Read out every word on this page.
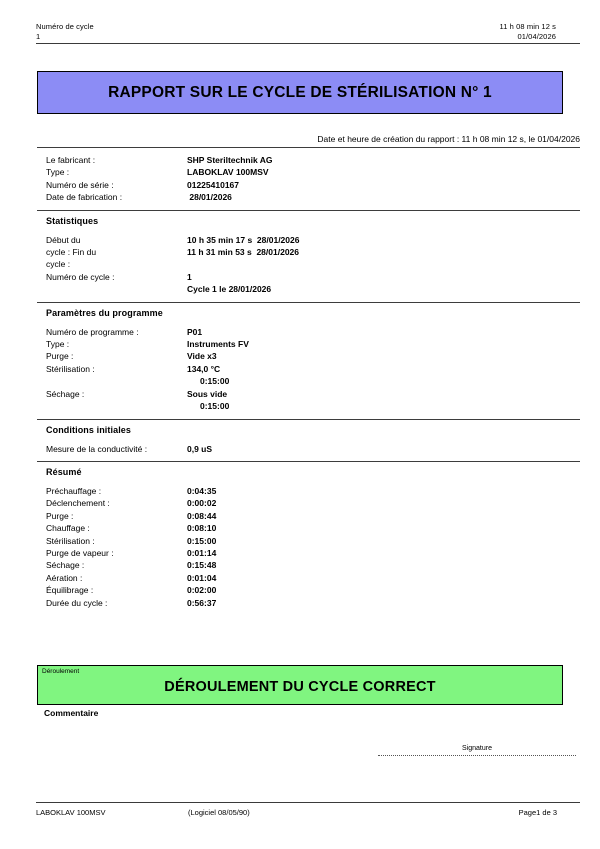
Numéro de cycle
1
11 h 08 min 12 s
01/04/2026
RAPPORT SUR LE CYCLE DE STÉRILISATION N° 1
Date et heure de création du rapport : 11 h 08 min 12 s, le 01/04/2026
Le fabricant :	SHP Steriltechnik AG
Type :	LABOKLAV 100MSV
Numéro de série :	01225410167
Date de fabrication :	28/01/2026
Statistiques
Début du	10 h 35 min 17 s  28/01/2026
cycle : Fin du	11 h 31 min 53 s  28/01/2026
cycle :
Numéro de cycle :	1
Cycle 1 le 28/01/2026
Paramètres du programme
Numéro de programme :	P01
Type :	Instruments FV
Purge :	Vide x3
Stérilisation :	134,0 °C
0:15:00
Séchage :	Sous vide
0:15:00
Conditions initiales
Mesure de la conductivité :	0,9 uS
Résumé
Préchauffage :	0:04:35
Déclenchement :	0:00:02
Purge :	0:08:44
Chauffage :	0:08:10
Stérilisation :	0:15:00
Purge de vapeur :	0:01:14
Séchage :	0:15:48
Aération :	0:01:04
Équilibrage :	0:02:00
Durée du cycle :	0:56:37
Déroulement
DÉROULEMENT DU CYCLE CORRECT
Commentaire
Signature
LABOKLAV 100MSV	(Logiciel 08/05/90)	Page1 de 3
